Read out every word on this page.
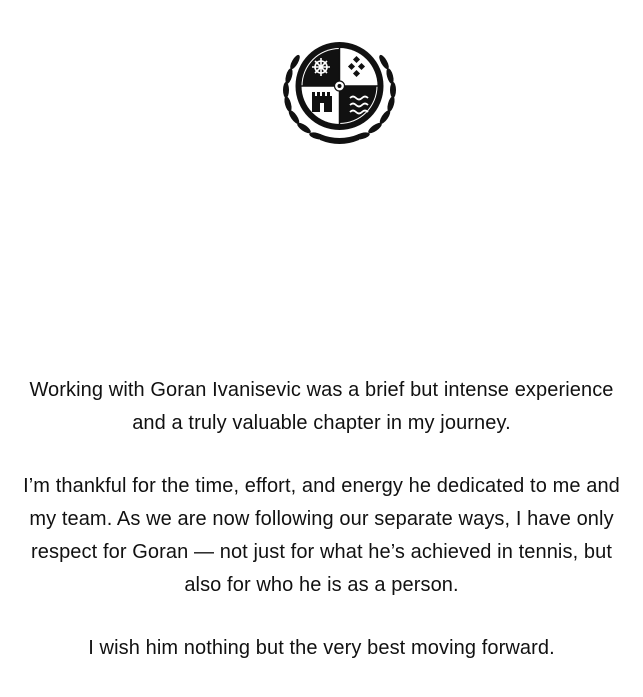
Working with Goran Ivanisevic was a brief but intense experience and a truly valuable chapter in my journey.

I’m thankful for the time, effort, and energy he dedicated to me and my team. As we are now following our separate ways, I have only respect for Goran — not just for what he’s achieved in tennis, but also for who he is as a person.

I wish him nothing but the very best moving forward.
